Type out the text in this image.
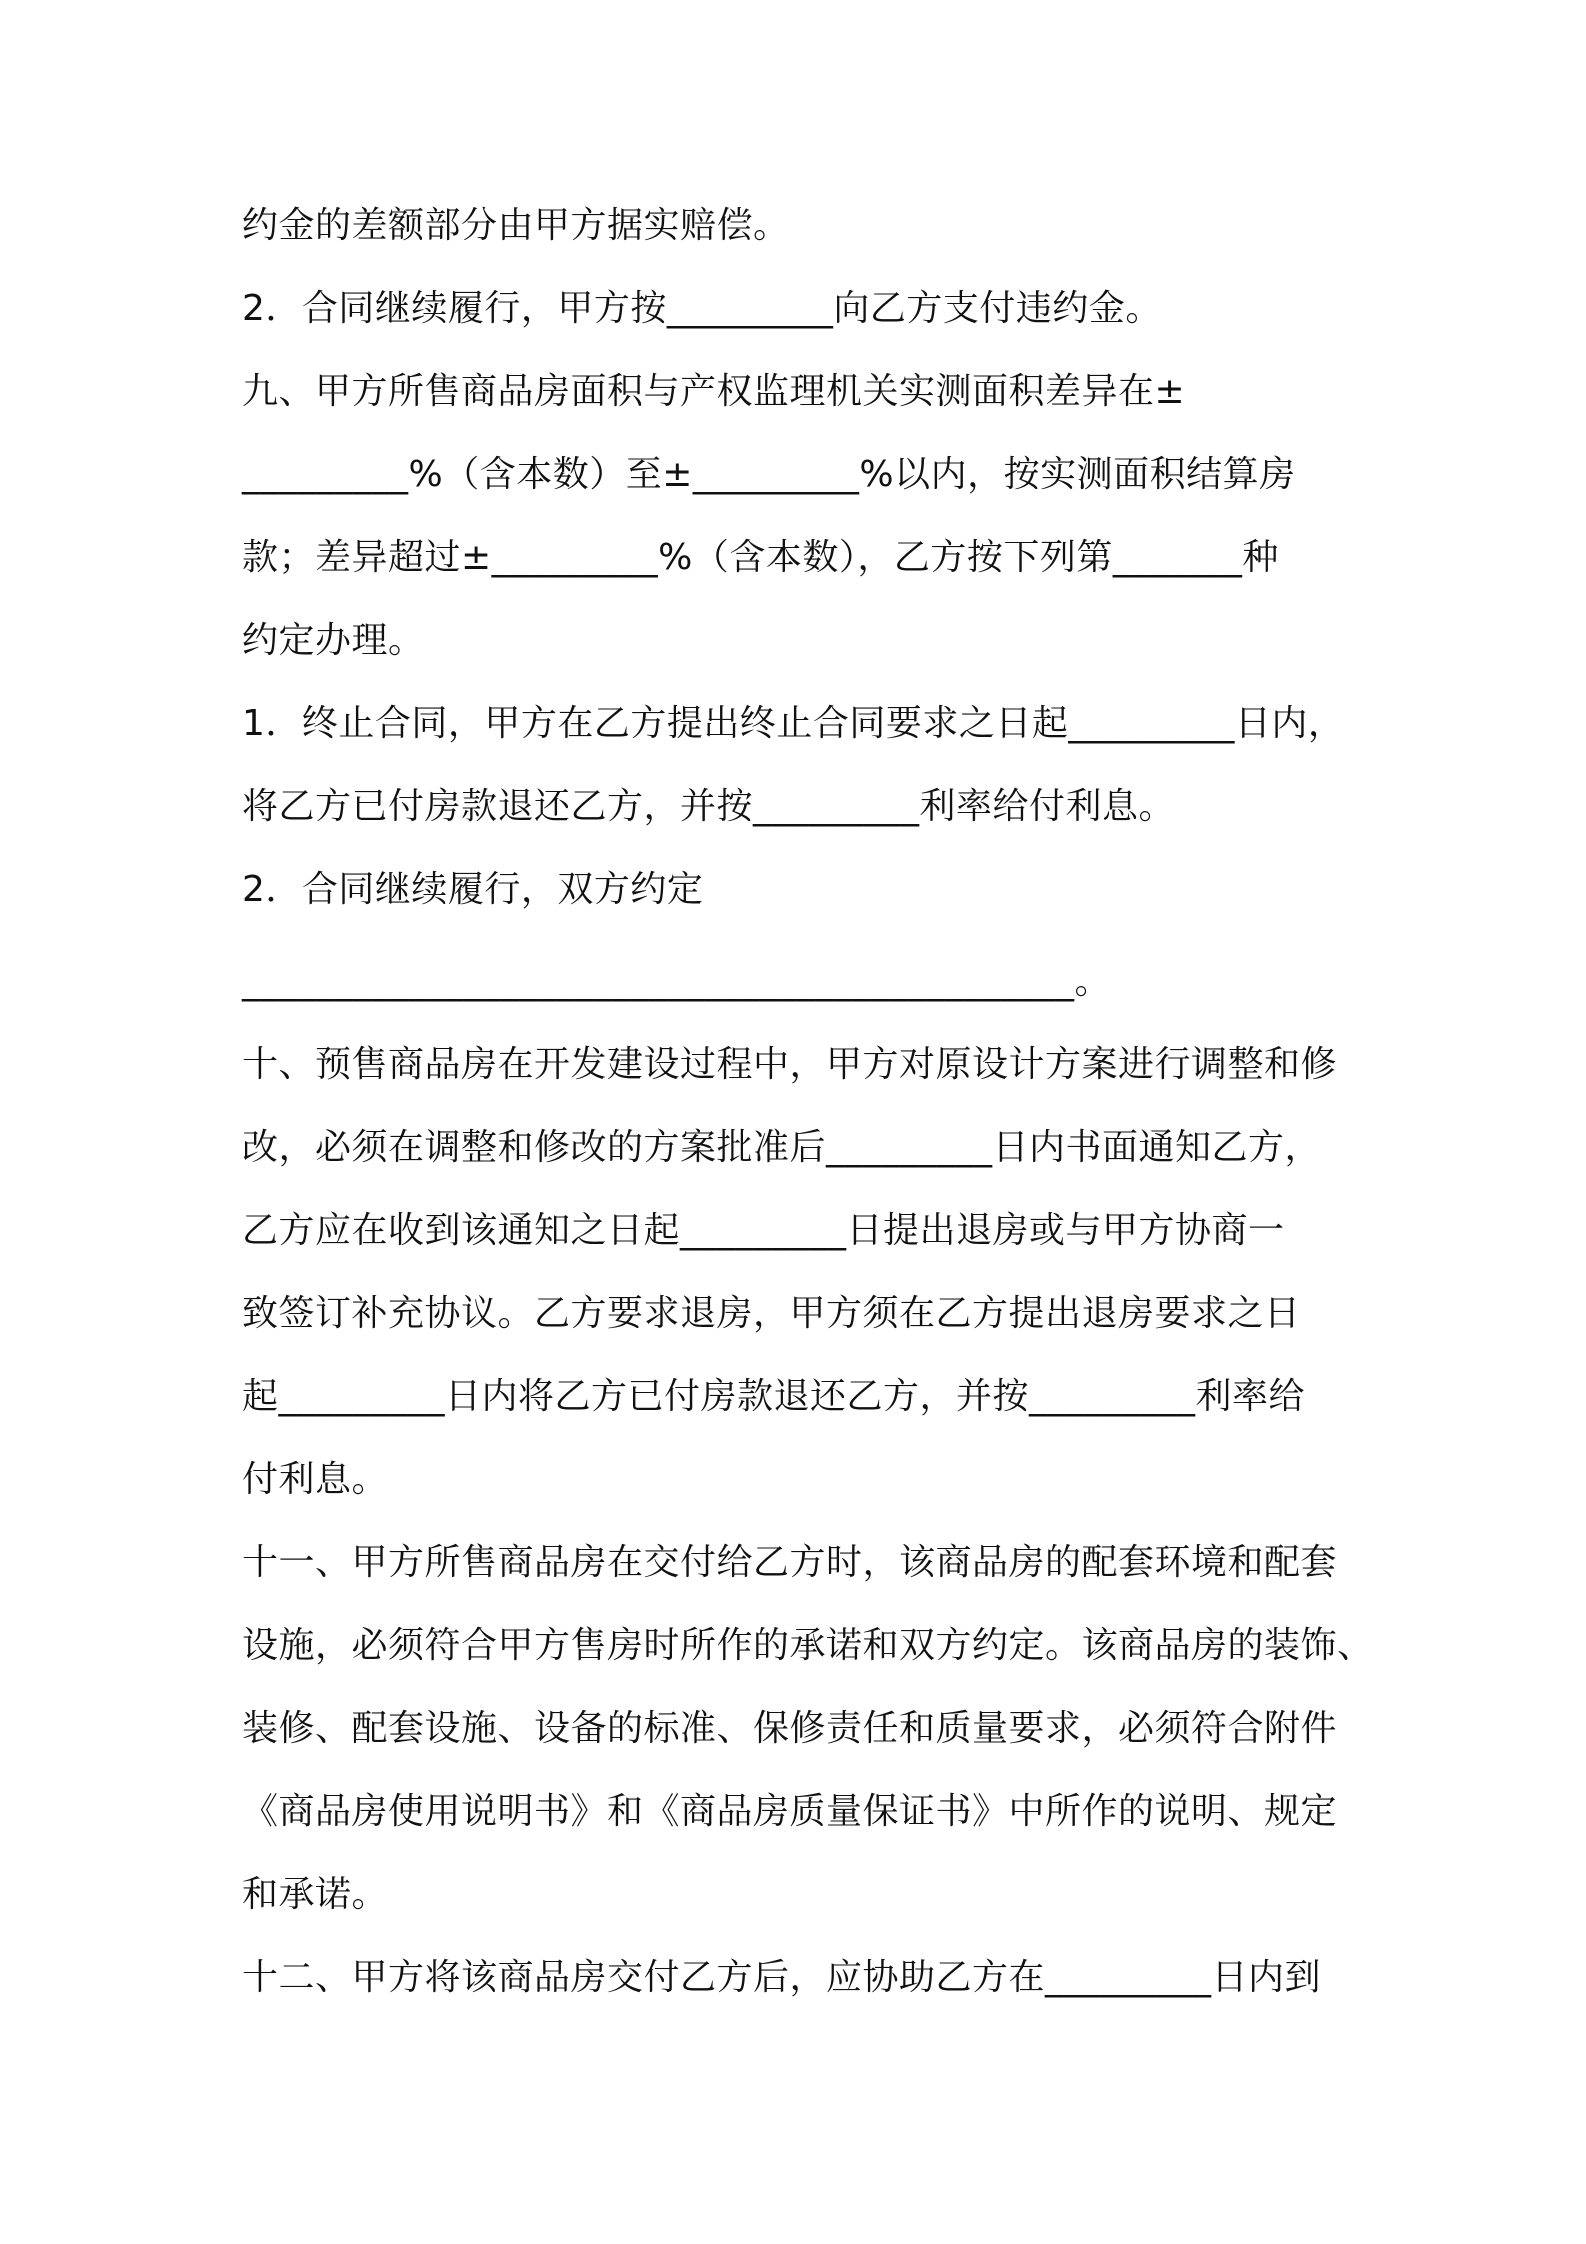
约金的差额部分由甲方据实赔偿。
2．合同继续履行，甲方按_________向乙方支付违约金。
九、甲方所售商品房面积与产权监理机关实测面积差异在±
_________%（含本数）至±_________%以内，按实测面积结算房
款；差异超过±_________%（含本数），乙方按下列第_______种
约定办理。
1．终止合同，甲方在乙方提出终止合同要求之日起_________日内，
将乙方已付房款退还乙方，并按_________利率给付利息。
2．合同继续履行，双方约定
_____________________________________________。
十、预售商品房在开发建设过程中，甲方对原设计方案进行调整和修
改，必须在调整和修改的方案批准后_________日内书面通知乙方，
乙方应在收到该通知之日起_________日提出退房或与甲方协商一
致签订补充协议。乙方要求退房，甲方须在乙方提出退房要求之日
起_________日内将乙方已付房款退还乙方，并按_________利率给
付利息。
十一、甲方所售商品房在交付给乙方时，该商品房的配套环境和配套
设施，必须符合甲方售房时所作的承诺和双方约定。该商品房的装饰、
装修、配套设施、设备的标准、保修责任和质量要求，必须符合附件
《商品房使用说明书》和《商品房质量保证书》中所作的说明、规定
和承诺。
十二、甲方将该商品房交付乙方后，应协助乙方在_________日内到
